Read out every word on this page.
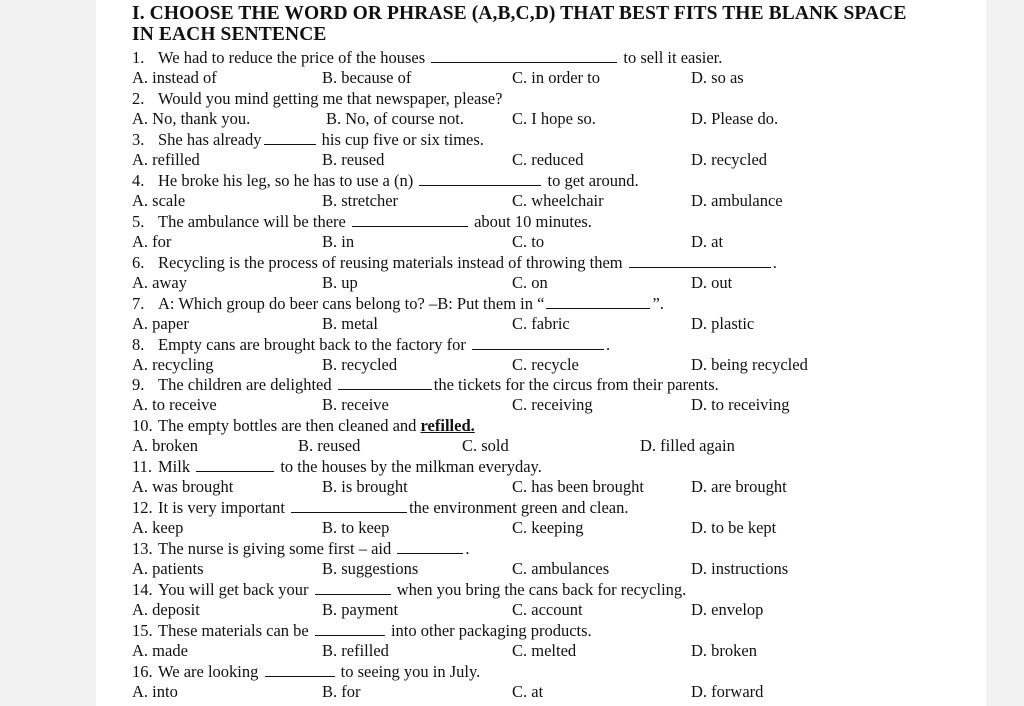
I. CHOOSE THE WORD OR PHRASE (A,B,C,D) THAT BEST FITS THE BLANK SPACE
IN EACH SENTENCE
1. We had to reduce the price of the houses	to sell it easier.
A. instead of	B. because of	C. in order to	D. so as
2. Would you mind getting me that newspaper, please?
A. No, thank you.	B. No, of course not.	C. I hope so.	D. Please do.
3. She has already	his cup five or six times.
A. refilled	B. reused	C. reduced	D. recycled
4. He broke his leg, so he has to use a (n)	to get around.
A. scale	B. stretcher	C. wheelchair	D. ambulance
5. The ambulance will be there	about 10 minutes.
A. for	B. in	C. to	D. at
6. Recycling is the process of reusing materials instead of throwing them	.
A. away	B. up	C. on	D. out
7. A: Which group do beer cans belong to? –B: Put them in “	”.
A. paper	B. metal	C. fabric	D. plastic
8. Empty cans are brought back to the factory for	.
A. recycling	B. recycled	C. recycle	D. being recycled
9. The children are delighted	the tickets for the circus from their parents.
A. to receive	B. receive	C. receiving	D. to receiving
10. The empty bottles are then cleaned and refilled.
A. broken	B. reused	C. sold	D. filled again
11. Milk	to the houses by the milkman everyday.
A. was brought	B. is brought	C. has been brought	D. are brought
12. It is very important	the environment green and clean.
A. keep	B. to keep	C. keeping	D. to be kept
13. The nurse is giving some first – aid	.
A. patients	B. suggestions	C. ambulances	D. instructions
14. You will get back your	when you bring the cans back for recycling.
A. deposit	B. payment	C. account	D. envelop
15. These materials can be	into other packaging products.
A. made	B. refilled	C. melted	D. broken
16. We are looking	to seeing you in July.
A. into	B. for	C. at	D. forward
